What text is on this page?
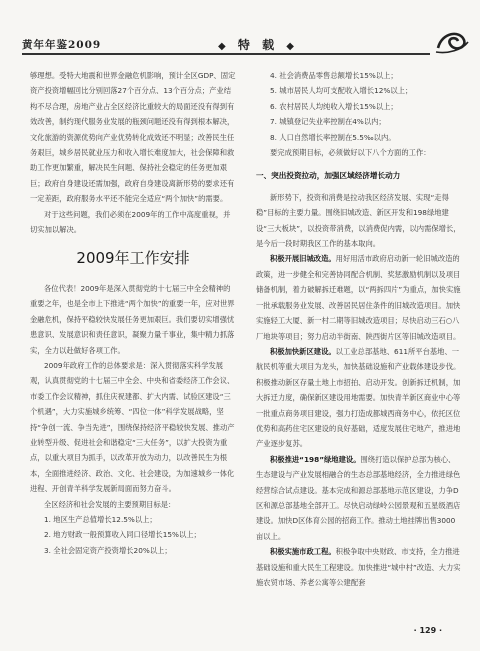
黄年年鉴2009	◆ 特 载 ◆

够理想。受特大地震和世界金融危机影响，预计全区GDP、固定资产投资增幅回比分别回落27个百分点、13个百分点；产业结构不尽合理，房地产业占全区经济比重较大的局面还没有得到有效改善，制约现代服务业发展的瓶颈问题还没有得到根本解决，文化旅游的资源优势向产业优势转化成效还不明显；改善民生任务艰巨，城乡居民就业压力和收入增长难度加大，社会保障和救助工作更加繁重，解决民生问题、保持社会稳定的任务更加艰巨；政府自身建设还需加强，政府自身建设离新形势的要求还有一定差距，政府服务水平还不能完全适应“两个加快”的需要。

对于这些问题，我们必须在2009年的工作中高度重视，并切实加以解决。

2009年工作安排

各位代表！2009年是深入贯彻党的十七届三中全会精神的重要之年，也是全市上下推进“两个加快”的重要一年，应对世界金融危机，保持平稳较快发展任务更加艰巨。我们要切实增强忧患意识、发展意识和责任意识，凝聚力量千事业，集中精力抓落实，全力以赴做好各项工作。

2009年政府工作的总体要求是：深入贯彻落实科学发展观，认真贯彻党的十七届三中全会、中央和省委经济工作会议、市委工作会议精神，抓住庆祝建都、扩大内需、试验区建设“三个机遇”，大力实施城乡统筹、“四位一体”科学发展战略，坚持“争创一流、争当先进”，围绕保持经济平稳较快发展、推动产业转型升级、促进社会和谐稳定“三大任务”，以扩大投资为重点，以重大项目为抓手，以改革开放为动力，以改善民生为根本，全面推进经济、政治、文化、社会建设，为加速城乡一体化进程、开创青羊科学发展新局面而努力奋斗。

全区经济和社会发展的主要预期目标是：

1. 地区生产总值增长12.5%以上；

2. 地方财政一般预算收入同口径增长15%以上；

3. 全社会固定资产投资增长20%以上；

4. 社会消费品零售总额增长15%以上；

5. 城市居民人均可支配收入增长12%以上；

6. 农村居民人均纯收入增长15%以上；

7. 城镇登记失业率控制在4%以内；

8. 人口自然增长率控制在5.5‰以内。

要完成预期目标，必须做好以下八个方面的工作：

一、突出投资拉动，加强区域经济增长动力

新形势下，投资和消费是拉动我区经济发展、实现“走得稳”目标的主要力量。围绕旧城改造、新区开发和198绿地建设“三大板块”，以投资带消费，以消费促内需，以内需保增长，是今后一段时期我区工作的基本取向。

积极开展旧城改造。用好用活市政府启动新一轮旧城改造的政策，进一步健全和完善协同配合机制、奖惩激励机制以及项目储备机制，着力破解拆迁难题，以“两拆四片”为重点，加快实施一批承载服务业发展、改善居民居住条件的旧城改造项目。加快实施轻工大厦、新一村二期等旧城改造项目；尽快启动三石○八厂地块等项目；努力启动半街南、陕西街片区等旧城改造项目。

积极加快新区建设。以工业总部基地、611所平台基地、一航民机等重大项目为龙头，加快基础设施和产业载体建设步伐。积极推动新区存量土地上市招拍、启动开发。创新拆迁机制，加大拆迁力度，确保新区建设用地需要。加快青羊新区商业中心等一批重点商务项目建设，强力打造成都城西商务中心，依托区位优势和高药住宅区建设的良好基础，适度发展住宅地产，推进地产业逐步复苏。

积极推进“198”绿地建设。围绕打造以保护总部为核心、生态建设与产业发展相融合的生态总部基地经济，全力推进绿色经营综合试点建设。基本完成和源总部基地示范区建设，力争D区和源总部基地全部开工。尽快启动绿岭公园景观和五星级酒店建设。加快D区体育公园的招商工作。推动土地挂牌出售3000亩以上。

积极实施市政工程。积极争取中央财政、市支持，全力推进基础设施和重大民生工程建设。加快推进“城中村”改造、大力实施农贸市场、养老公寓等公建配套

· 129 ·
